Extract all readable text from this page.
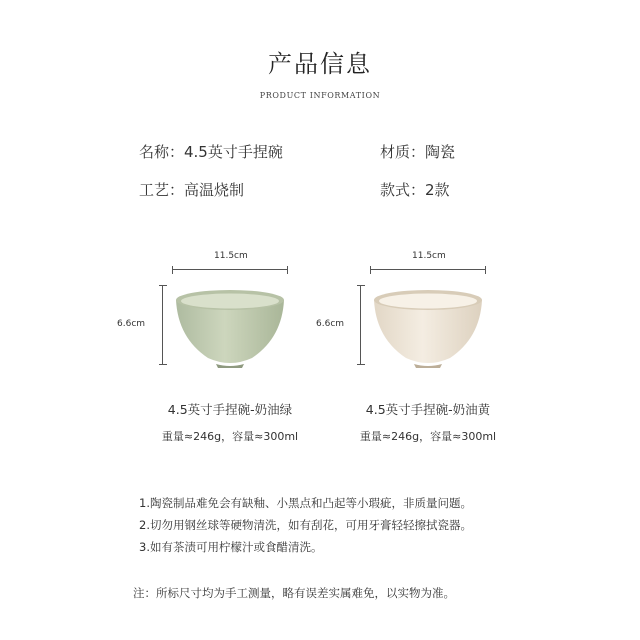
产品信息
PRODUCT INFORMATION
名称：4.5英寸手捏碗	材质：陶瓷
工艺：高温烧制	款式：2款
11.5cm
6.6cm
4.5英寸手捏碗-奶油绿
重量≈246g，容量≈300ml
11.5cm
6.6cm
4.5英寸手捏碗-奶油黄
重量≈246g，容量≈300ml
1.陶瓷制品难免会有缺釉、小黑点和凸起等小瑕疵，非质量问题。
2.切勿用钢丝球等硬物清洗，如有刮花，可用牙膏轻轻擦拭瓷器。
3.如有茶渍可用柠檬汁或食醋清洗。
注：所标尺寸均为手工测量，略有误差实属难免，以实物为准。
